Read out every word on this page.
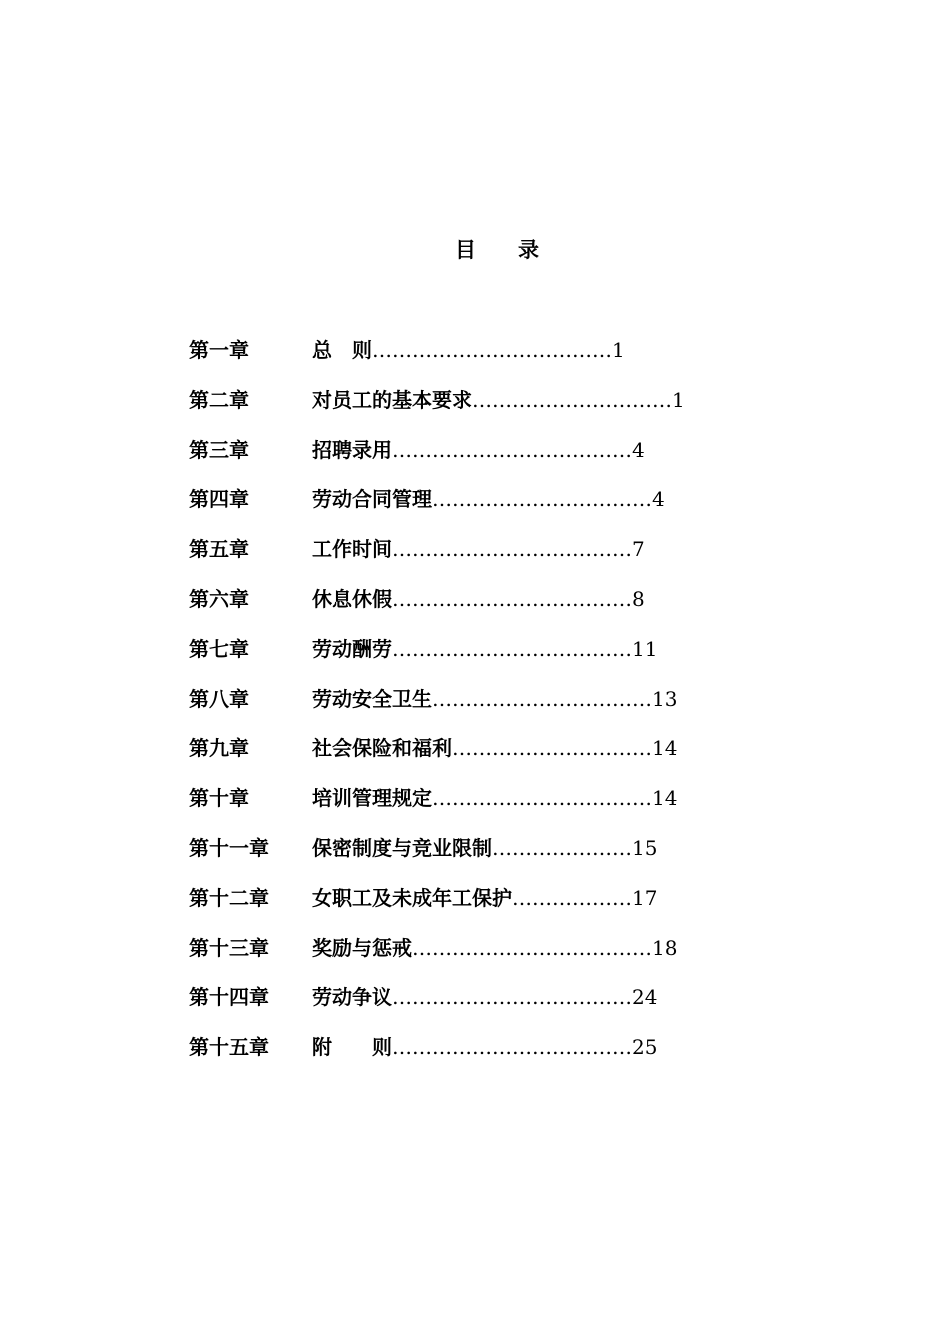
目　　录
第一章	总　则 ……………………………… 1
第二章	对员工的基本要求 ………………………… 1
第三章	招聘录用 ……………………………… 4
第四章	劳动合同管理 …………………………… 4
第五章	工作时间 ……………………………… 7
第六章	休息休假 ……………………………… 8
第七章	劳动酬劳 ……………………………… 11
第八章	劳动安全卫生 …………………………… 13
第九章	社会保险和福利 ………………………… 14
第十章	培训管理规定 …………………………… 14
第十一章	保密制度与竞业限制 ………………… 15
第十二章	女职工及未成年工保护 ……………… 17
第十三章	奖励与惩戒 ……………………………… 18
第十四章	劳动争议 ……………………………… 24
第十五章	附　　则 ……………………………… 25
